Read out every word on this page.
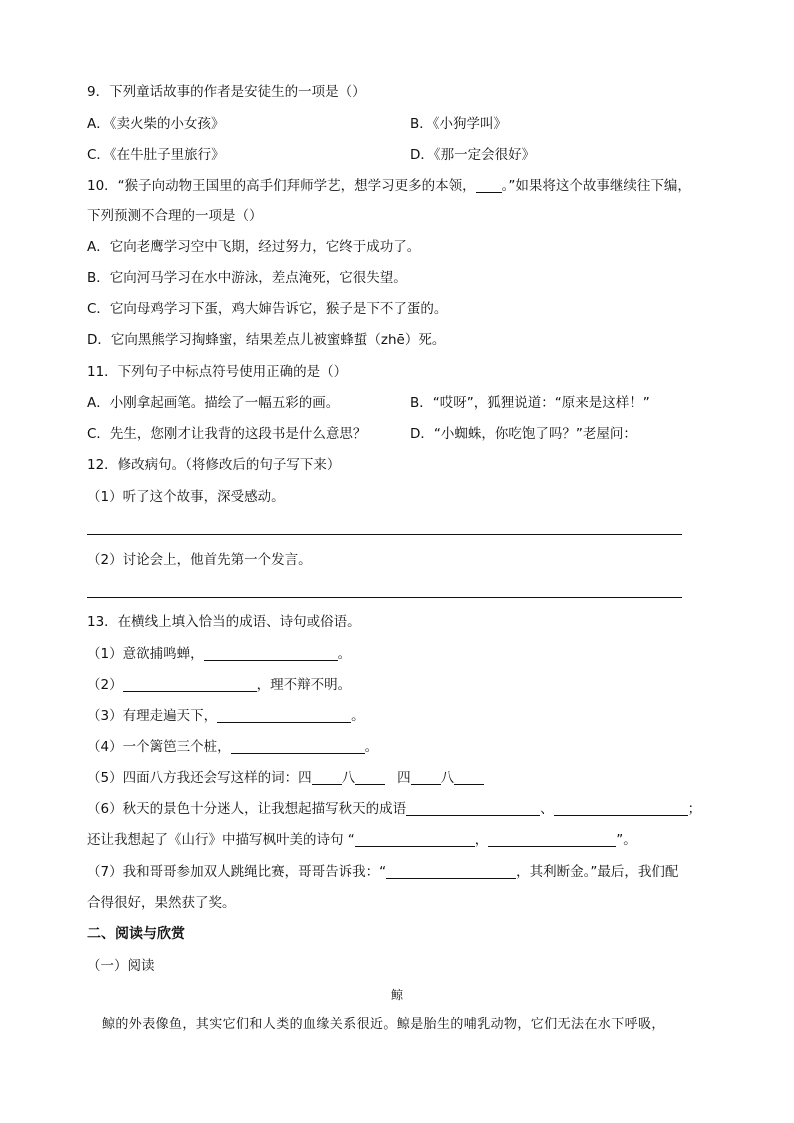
9．下列童话故事的作者是安徒生的一项是（）
A．《卖火柴的小女孩》	B．《小狗学叫》
C．《在牛肚子里旅行》	D．《那一定会很好》
10．“猴子向动物王国里的高手们拜师学艺，想学习更多的本领， 。”如果将这个故事继续往下编，
下列预测不合理的一项是（）
A．它向老鹰学习空中飞期，经过努力，它终于成功了。
B．它向河马学习在水中游泳，差点淹死，它很失望。
C．它向母鸡学习下蛋，鸡大婶告诉它，猴子是下不了蛋的。
D．它向黑熊学习掏蜂蜜，结果差点儿被蜜蜂蜇（zhē）死。
11．下列句子中标点符号使用正确的是（）
A．小刚拿起画笔。描绘了一幅五彩的画。	B．“哎呀”，狐狸说道：“原来是这样！”
C．先生，您刚才让我背的这段书是什么意思？	D．“小蜘蛛，你吃饱了吗？”老屋问：
12．修改病句。（将修改后的句子写下来）
（1）听了这个故事，深受感动。
（2）讨论会上，他首先第一个发言。
13．在横线上填入恰当的成语、诗句或俗语。
（1）意欲捕鸣蝉，	。
（2）	，理不辩不明。
（3）有理走遍天下，	。
（4）一个篱笆三个桩，	。
（5）四面八方我还会写这样的词：四 八	四 八
（6）秋天的景色十分迷人，让我想起描写秋天的成语	、	；
还让我想起了《山行》中描写枫叶美的诗句 “	，	”。
（7）我和哥哥参加双人跳绳比赛，哥哥告诉我：“	，其利断金。”最后，我们配
合得很好，果然获了奖。
二、阅读与欣赏
（一）阅读
鲸
鲸的外表像鱼，其实它们和人类的血缘关系很近。鲸是胎生的哺乳动物，它们无法在水下呼吸，
